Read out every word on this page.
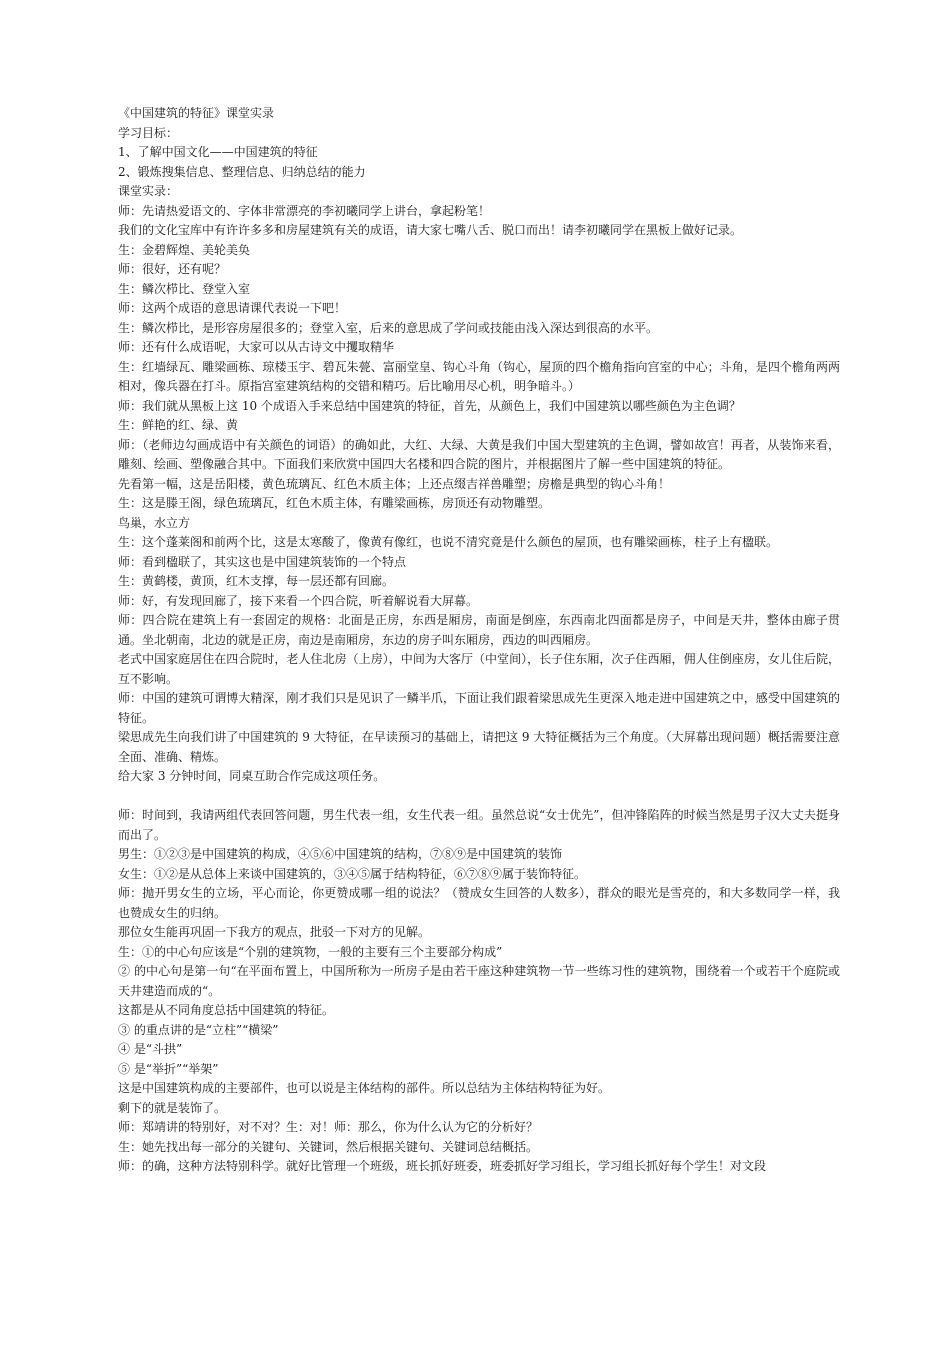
《中国建筑的特征》课堂实录

学习目标：

1、了解中国文化——中国建筑的特征

2、锻炼搜集信息、整理信息、归纳总结的能力

课堂实录：

师：先请热爱语文的、字体非常漂亮的李初曦同学上讲台，拿起粉笔！

我们的文化宝库中有许许多多和房屋建筑有关的成语，请大家七嘴八舌、脱口而出！请李初曦同学在黑板上做好记录。

生：金碧辉煌、美轮美奂

师：很好，还有呢？

生：鳞次栉比、登堂入室

师：这两个成语的意思请课代表说一下吧！

生：鳞次栉比，是形容房屋很多的；登堂入室，后来的意思成了学问或技能由浅入深达到很高的水平。

师：还有什么成语呢，大家可以从古诗文中攫取精华

生：红墙绿瓦、雕梁画栋、琼楼玉宇、碧瓦朱甍、富丽堂皇、钩心斗角（钩心，屋顶的四个檐角指向宫室的中心；斗角，是四个檐角两两相对，像兵器在打斗。原指宫室建筑结构的交错和精巧。后比喻用尽心机，明争暗斗。）

师：我们就从黑板上这 10 个成语入手来总结中国建筑的特征，首先，从颜色上，我们中国建筑以哪些颜色为主色调？

生：鲜艳的红、绿、黄

师：（老师边勾画成语中有关颜色的词语）的确如此，大红、大绿、大黄是我们中国大型建筑的主色调，譬如故宫！再者，从装饰来看，雕刻、绘画、塑像融合其中。下面我们来欣赏中国四大名楼和四合院的图片，并根据图片了解一些中国建筑的特征。

先看第一幅，这是岳阳楼，黄色琉璃瓦、红色木质主体；上还点缀吉祥兽雕塑；房檐是典型的钩心斗角！

生：这是滕王阁，绿色琉璃瓦，红色木质主体，有雕梁画栋，房顶还有动物雕塑。

鸟巢，水立方

生：这个蓬莱阁和前两个比，这是太寒酸了，像黄有像红，也说不清究竟是什么颜色的屋顶，也有雕梁画栋，柱子上有楹联。

师：看到楹联了，其实这也是中国建筑装饰的一个特点

生：黄鹤楼，黄顶，红木支撑，每一层还都有回廊。

师：好，有发现回廊了，接下来看一个四合院，听着解说看大屏幕。

师：四合院在建筑上有一套固定的规格：北面是正房，东西是厢房，南面是倒座，东西南北四面都是房子，中间是天井，整体由廊子贯通。坐北朝南，北边的就是正房，南边是南厢房，东边的房子叫东厢房，西边的叫西厢房。

老式中国家庭居住在四合院时，老人住北房（上房），中间为大客厅（中堂间），长子住东厢，次子住西厢，佣人住倒座房，女儿住后院，互不影响。

师：中国的建筑可谓博大精深，刚才我们只是见识了一鳞半爪，下面让我们跟着梁思成先生更深入地走进中国建筑之中，感受中国建筑的特征。

梁思成先生向我们讲了中国建筑的 9 大特征，在早读预习的基础上，请把这 9 大特征概括为三个角度。（大屏幕出现问题）概括需要注意全面、准确、精炼。

给大家 3 分钟时间，同桌互助合作完成这项任务。

师：时间到，我请两组代表回答问题，男生代表一组，女生代表一组。虽然总说“女士优先”，但冲锋陷阵的时候当然是男子汉大丈夫挺身而出了。

男生：①②③是中国建筑的构成，④⑤⑥中国建筑的结构，⑦⑧⑨是中国建筑的装饰

女生：①②是从总体上来谈中国建筑的，③④⑤属于结构特征，⑥⑦⑧⑨属于装饰特征。

师：抛开男女生的立场，平心而论，你更赞成哪一组的说法？（赞成女生回答的人数多），群众的眼光是雪亮的，和大多数同学一样，我也赞成女生的归纳。

那位女生能再巩固一下我方的观点，批驳一下对方的见解。

生：①的中心句应该是“个别的建筑物，一般的主要有三个主要部分构成”

② 的中心句是第一句“在平面布置上，中国所称为一所房子是由若干座这种建筑物一节一些练习性的建筑物，围绕着一个或若干个庭院或天井建造而成的“。

这都是从不同角度总括中国建筑的特征。

③ 的重点讲的是“立柱”“横梁”

④ 是“斗拱”

⑤ 是“举折”“举架”

这是中国建筑构成的主要部件，也可以说是主体结构的部件。所以总结为主体结构特征为好。

剩下的就是装饰了。

师：郑靖讲的特别好，对不对？生：对！师：那么，你为什么认为它的分析好？

生：她先找出每一部分的关键句、关键词，然后根据关键句、关键词总结概括。

师：的确，这种方法特别科学。就好比管理一个班级，班长抓好班委，班委抓好学习组长，学习组长抓好每个学生！对文段
